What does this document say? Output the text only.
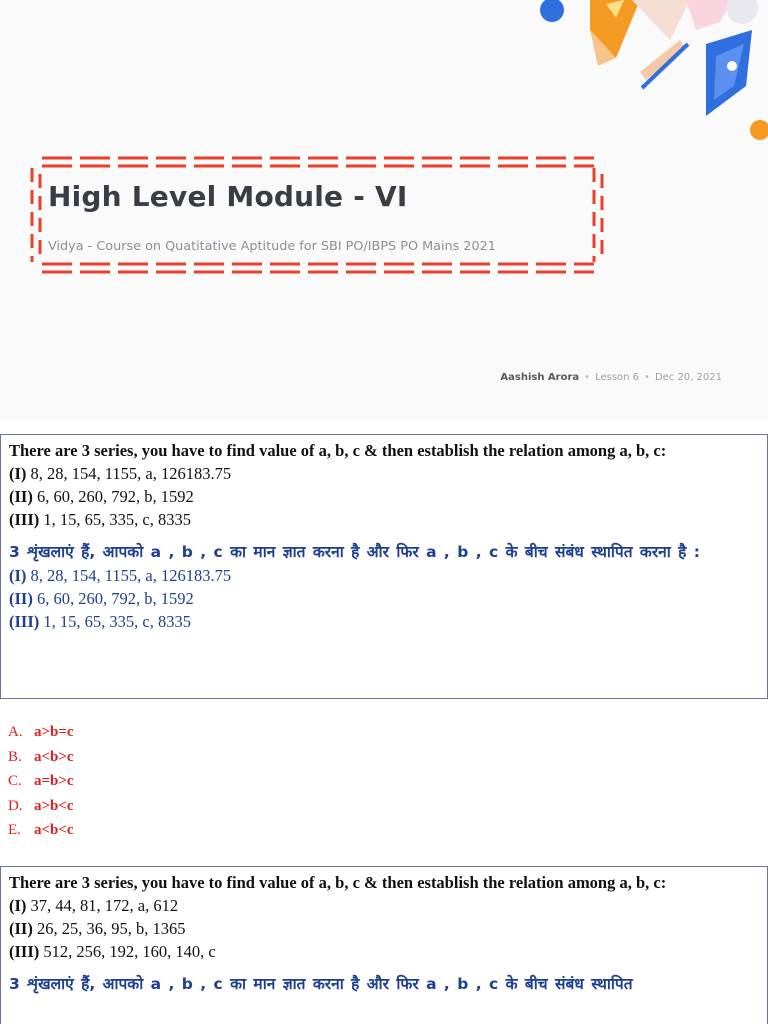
High Level Module - VI
Vidya - Course on Quatitative Aptitude for SBI PO/IBPS PO Mains 2021
Aashish Arora • Lesson 6 • Dec 20, 2021
There are 3 series, you have to find value of a, b, c & then establish the relation among a, b, c:
(I) 8, 28, 154, 1155, a, 126183.75
(II) 6, 60, 260, 792, b, 1592
(III) 1, 15, 65, 335, c, 8335
3 शृंखलाएं हैं, आपको a , b , c का मान ज्ञात करना है और फिर a , b , c के बीच संबंध स्थापित करना है :
(I) 8, 28, 154, 1155, a, 126183.75
(II) 6, 60, 260, 792, b, 1592
(III) 1, 15, 65, 335, c, 8335
A. a>b=c
B. a<b>c
C. a=b>c
D. a>b<c
E. a<b<c
There are 3 series, you have to find value of a, b, c & then establish the relation among a, b, c:
(I) 37, 44, 81, 172, a, 612
(II) 26, 25, 36, 95, b, 1365
(III) 512, 256, 192, 160, 140, c
3 शृंखलाएं हैं, आपको a , b , c का मान ज्ञात करना है और फिर a , b , c के बीच संबंध स्थापित
